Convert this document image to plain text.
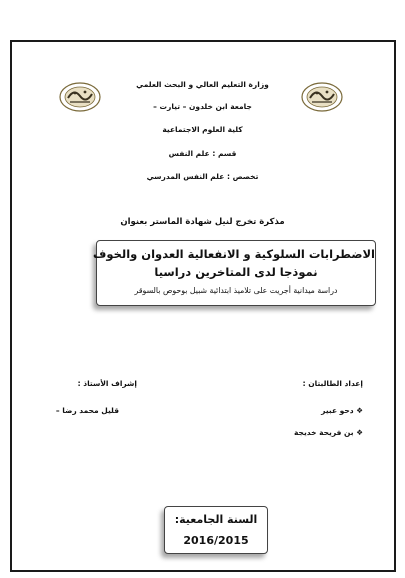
وزارة التعليم العالي و البحث العلمي
جامعة ابن خلدون – تيارت –
كلية العلوم الاجتماعية
قسم : علم النفس
تخصص : علم النفس المدرسي
مذكرة تخرج لنيل شهادة الماستر بعنوان
الاضطرابات السلوكية و الانفعالية العدوان والخوف
نموذجا لدى المتاخرين دراسيا
دراسة ميدانية أجريت على تلاميذ ابتدائية شبيل بوحوص بالسوقر
إعداد الطالبتان :
إشراف الأستاذ :
❖ دحو عبير
❖ بن فريحة خديجة
قليل محمد رضا –
السنة الجامعية:
2016/2015
